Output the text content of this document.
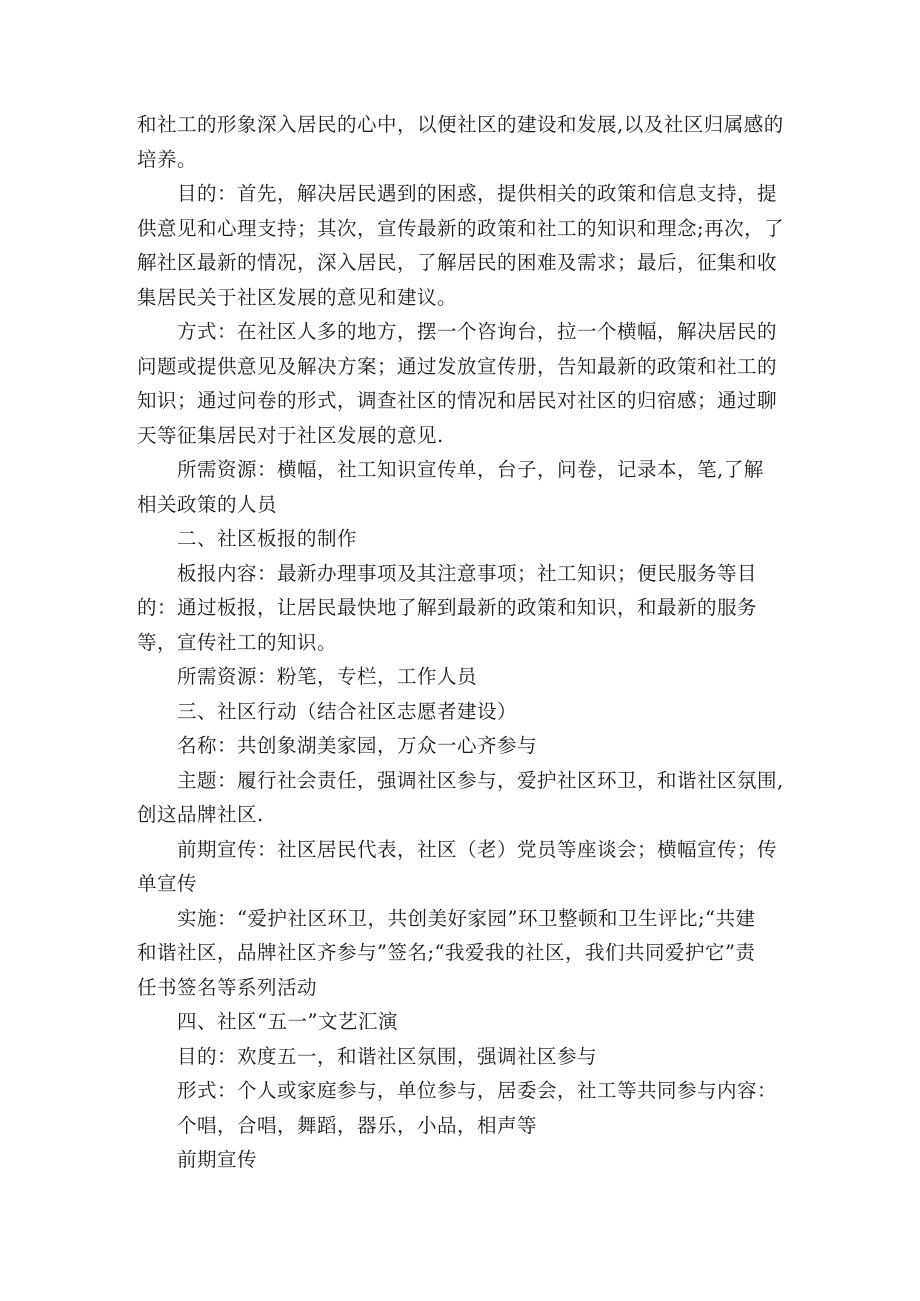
和社工的形象深入居民的心中，以便社区的建设和发展,以及社区归属感的

培养。

目的：首先，解决居民遇到的困惑，提供相关的政策和信息支持，提

供意见和心理支持；其次，宣传最新的政策和社工的知识和理念;再次，了

解社区最新的情况，深入居民，了解居民的困难及需求；最后，征集和收

集居民关于社区发展的意见和建议。

方式：在社区人多的地方，摆一个咨询台，拉一个横幅，解决居民的

问题或提供意见及解决方案；通过发放宣传册，告知最新的政策和社工的

知识；通过问卷的形式，调查社区的情况和居民对社区的归宿感；通过聊

天等征集居民对于社区发展的意见.

所需资源：横幅，社工知识宣传单，台子，问卷，记录本，笔,了解

相关政策的人员

二、社区板报的制作

板报内容：最新办理事项及其注意事项；社工知识；便民服务等目

的：通过板报，让居民最快地了解到最新的政策和知识，和最新的服务

等，宣传社工的知识。

所需资源：粉笔，专栏，工作人员

三、社区行动（结合社区志愿者建设）

名称：共创象湖美家园，万众一心齐参与

主题：履行社会责任，强调社区参与，爱护社区环卫，和谐社区氛围,

创这品牌社区.

前期宣传：社区居民代表，社区（老）党员等座谈会；横幅宣传；传

单宣传

实施：“爱护社区环卫，共创美好家园”环卫整顿和卫生评比;“共建

和谐社区，品牌社区齐参与”签名;“我爱我的社区，我们共同爱护它”责

任书签名等系列活动

四、社区“五一”文艺汇演

目的：欢度五一，和谐社区氛围，强调社区参与

形式：个人或家庭参与，单位参与，居委会，社工等共同参与内容：

个唱，合唱，舞蹈，器乐，小品，相声等

前期宣传
